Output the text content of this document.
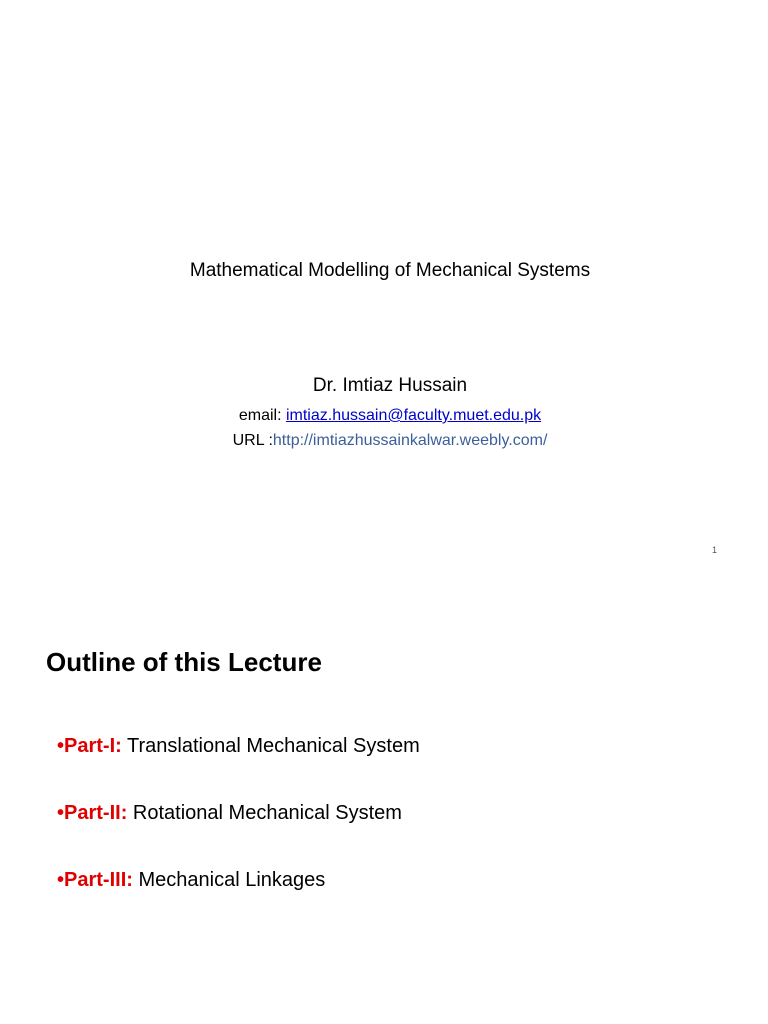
Mathematical Modelling of Mechanical Systems
Dr. Imtiaz Hussain
email: imtiaz.hussain@faculty.muet.edu.pk
URL :http://imtiazhussainkalwar.weebly.com/
1
Outline of this Lecture
•Part-I: Translational Mechanical System
•Part-II: Rotational Mechanical System
•Part-III: Mechanical Linkages
